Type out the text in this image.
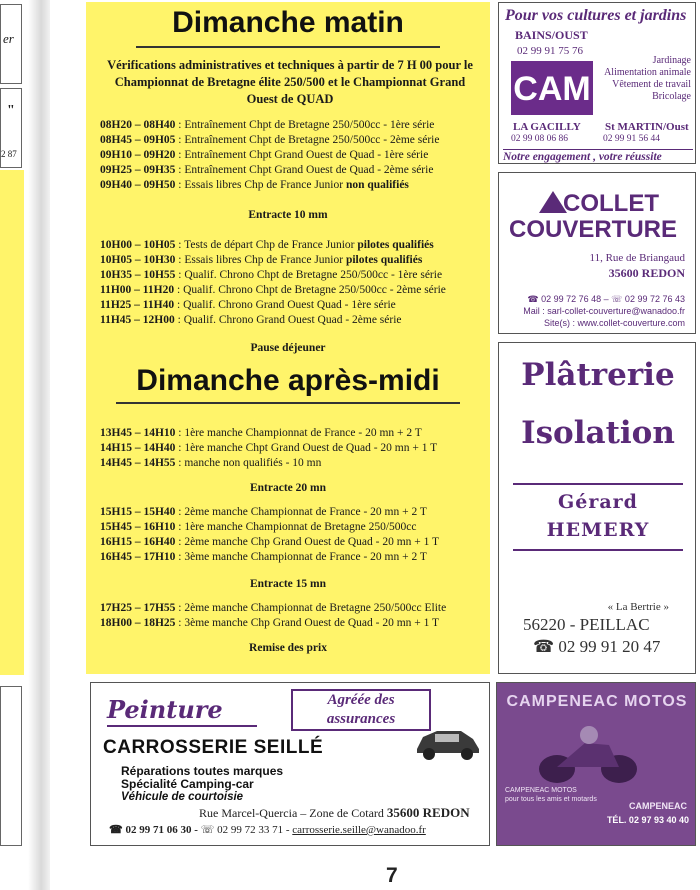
er
2 87
"
Dimanche matin
Vérifications administratives et techniques à partir de 7 H 00 pour le Championnat de Bretagne élite 250/500 et le Championnat Grand Ouest de QUAD
08H20 – 08H40 : Entraînement Chpt de Bretagne 250/500cc - 1ère série
08H45 – 09H05 : Entraînement Chpt de Bretagne 250/500cc - 2ème série
09H10 – 09H20 : Entraînement Chpt Grand Ouest de Quad - 1ère série
09H25 – 09H35 : Entraînement Chpt Grand Ouest de Quad - 2ème série
09H40 – 09H50 : Essais libres Chp de France Junior non qualifiés
Entracte 10 mm
10H00 – 10H05 : Tests de départ Chp de France Junior pilotes qualifiés
10H05 – 10H30 : Essais libres Chp de France Junior pilotes qualifiés
10H35 – 10H55 : Qualif. Chrono Chpt de Bretagne 250/500cc - 1ère série
11H00 – 11H20 : Qualif. Chrono Chpt de Bretagne 250/500cc - 2ème série
11H25 – 11H40 : Qualif. Chrono Grand Ouest Quad - 1ère série
11H45 – 12H00 : Qualif. Chrono Grand Ouest Quad - 2ème série
Pause déjeuner
Dimanche après-midi
13H45 – 14H10 : 1ère manche Championnat de France - 20 mn + 2 T
14H15 – 14H40 : 1ère manche Chpt Grand Ouest de Quad - 20 mn + 1 T
14H45 – 14H55 : manche non qualifiés - 10 mn
Entracte 20 mn
15H15 – 15H40 : 2ème manche Championnat de France - 20 mn + 2 T
15H45 – 16H10 : 1ère manche Championnat de Bretagne 250/500cc
16H15 – 16H40 : 2ème manche Chp Grand Ouest de Quad - 20 mn + 1 T
16H45 – 17H10 : 3ème manche Championnat de France - 20 mn + 2 T
Entracte 15 mn
17H25 – 17H55 : 2ème manche Championnat de Bretagne 250/500cc Elite
18H00 – 18H25 : 3ème manche Chp Grand Ouest de Quad - 20 mn + 1 T
Remise des prix
Pour vos cultures et jardins
BAINS/OUST
02 99 91 75 76
CAM
Jardinage
Alimentation animale
Vêtement de travail
Bricolage
LA GACILLY
02 99 08 06 86
St MARTIN/Oust
02 99 91 56 44
Notre engagement , votre réussite
COLLET
COUVERTURE
11, Rue de Briangaud
35600 REDON
☎ 02 99 72 76 48 – ☏ 02 99 72 76 43
Mail : sarl-collet-couverture@wanadoo.fr
Site(s) : www.collet-couverture.com
Plâtrerie
Isolation
Gérard
HEMERY
« La Bertrie »
56220 - PEILLAC
☎ 02 99 91 20 47
Peinture	Agréée des assurances
CARROSSERIE SEILLÉ
Réparations toutes marques
Spécialité Camping-car
Véhicule de courtoisie
Rue Marcel-Quercia – Zone de Cotard 35600 REDON
☎ 02 99 71 06 30 - ☏ 02 99 72 33 71 - carrosserie.seille@wanadoo.fr
CAMPENEAC MOTOS
CAMPENEAC MOTOS
pour tous les amis et motards
CAMPENEAC
TÉL. 02 97 93 40 40
7
